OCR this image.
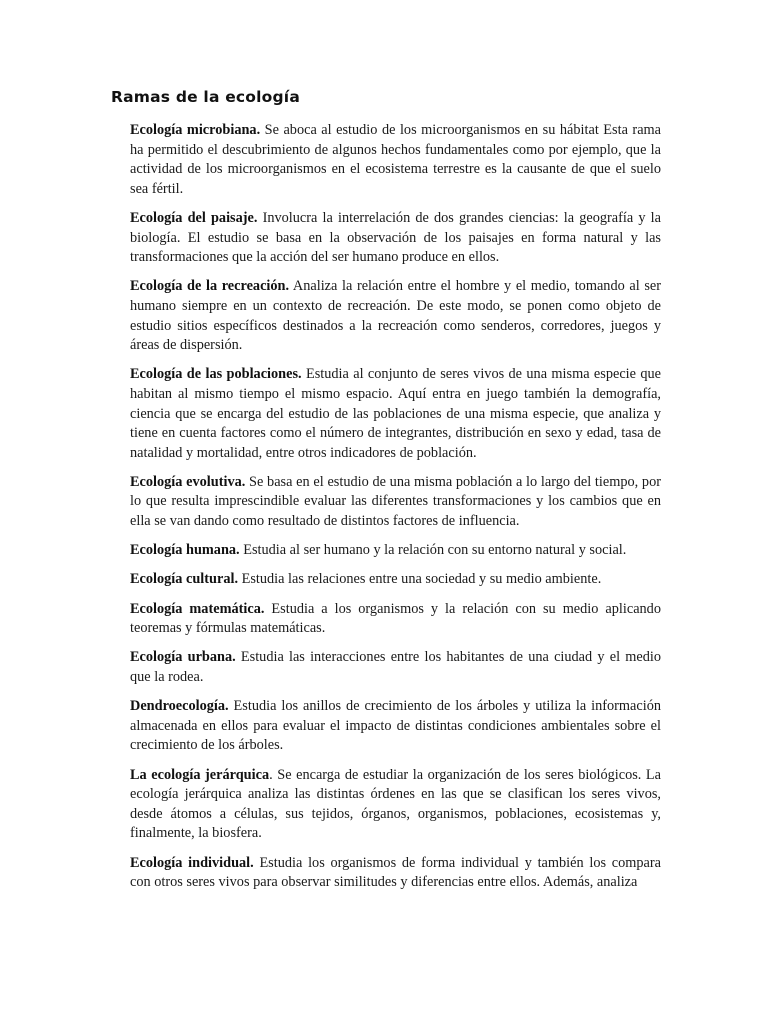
Ramas de la ecología

Ecología microbiana. Se aboca al estudio de los microorganismos en su hábitat Esta rama ha permitido el descubrimiento de algunos hechos fundamentales como por ejemplo, que la actividad de los microorganismos en el ecosistema terrestre es la causante de que el suelo sea fértil.

Ecología del paisaje. Involucra la interrelación de dos grandes ciencias: la geografía y la biología. El estudio se basa en la observación de los paisajes en forma natural y las transformaciones que la acción del ser humano produce en ellos.

Ecología de la recreación. Analiza la relación entre el hombre y el medio, tomando al ser humano siempre en un contexto de recreación. De este modo, se ponen como objeto de estudio sitios específicos destinados a la recreación como senderos, corredores, juegos y áreas de dispersión.

Ecología de las poblaciones. Estudia al conjunto de seres vivos de una misma especie que habitan al mismo tiempo el mismo espacio. Aquí entra en juego también la demografía, ciencia que se encarga del estudio de las poblaciones de una misma especie, que analiza y tiene en cuenta factores como el número de integrantes, distribución en sexo y edad, tasa de natalidad y mortalidad, entre otros indicadores de población.

Ecología evolutiva. Se basa en el estudio de una misma población a lo largo del tiempo, por lo que resulta imprescindible evaluar las diferentes transformaciones y los cambios que en ella se van dando como resultado de distintos factores de influencia.

Ecología humana. Estudia al ser humano y la relación con su entorno natural y social.

Ecología cultural. Estudia las relaciones entre una sociedad y su medio ambiente.

Ecología matemática. Estudia a los organismos y la relación con su medio aplicando teoremas y fórmulas matemáticas.

Ecología urbana. Estudia las interacciones entre los habitantes de una ciudad y el medio que la rodea.

Dendroecología. Estudia los anillos de crecimiento de los árboles y utiliza la información almacenada en ellos para evaluar el impacto de distintas condiciones ambientales sobre el crecimiento de los árboles.

La ecología jerárquica. Se encarga de estudiar la organización de los seres biológicos. La ecología jerárquica analiza las distintas órdenes en las que se clasifican los seres vivos, desde átomos a células, sus tejidos, órganos, organismos, poblaciones, ecosistemas y, finalmente, la biosfera.

Ecología individual. Estudia los organismos de forma individual y también los compara con otros seres vivos para observar similitudes y diferencias entre ellos. Además, analiza
